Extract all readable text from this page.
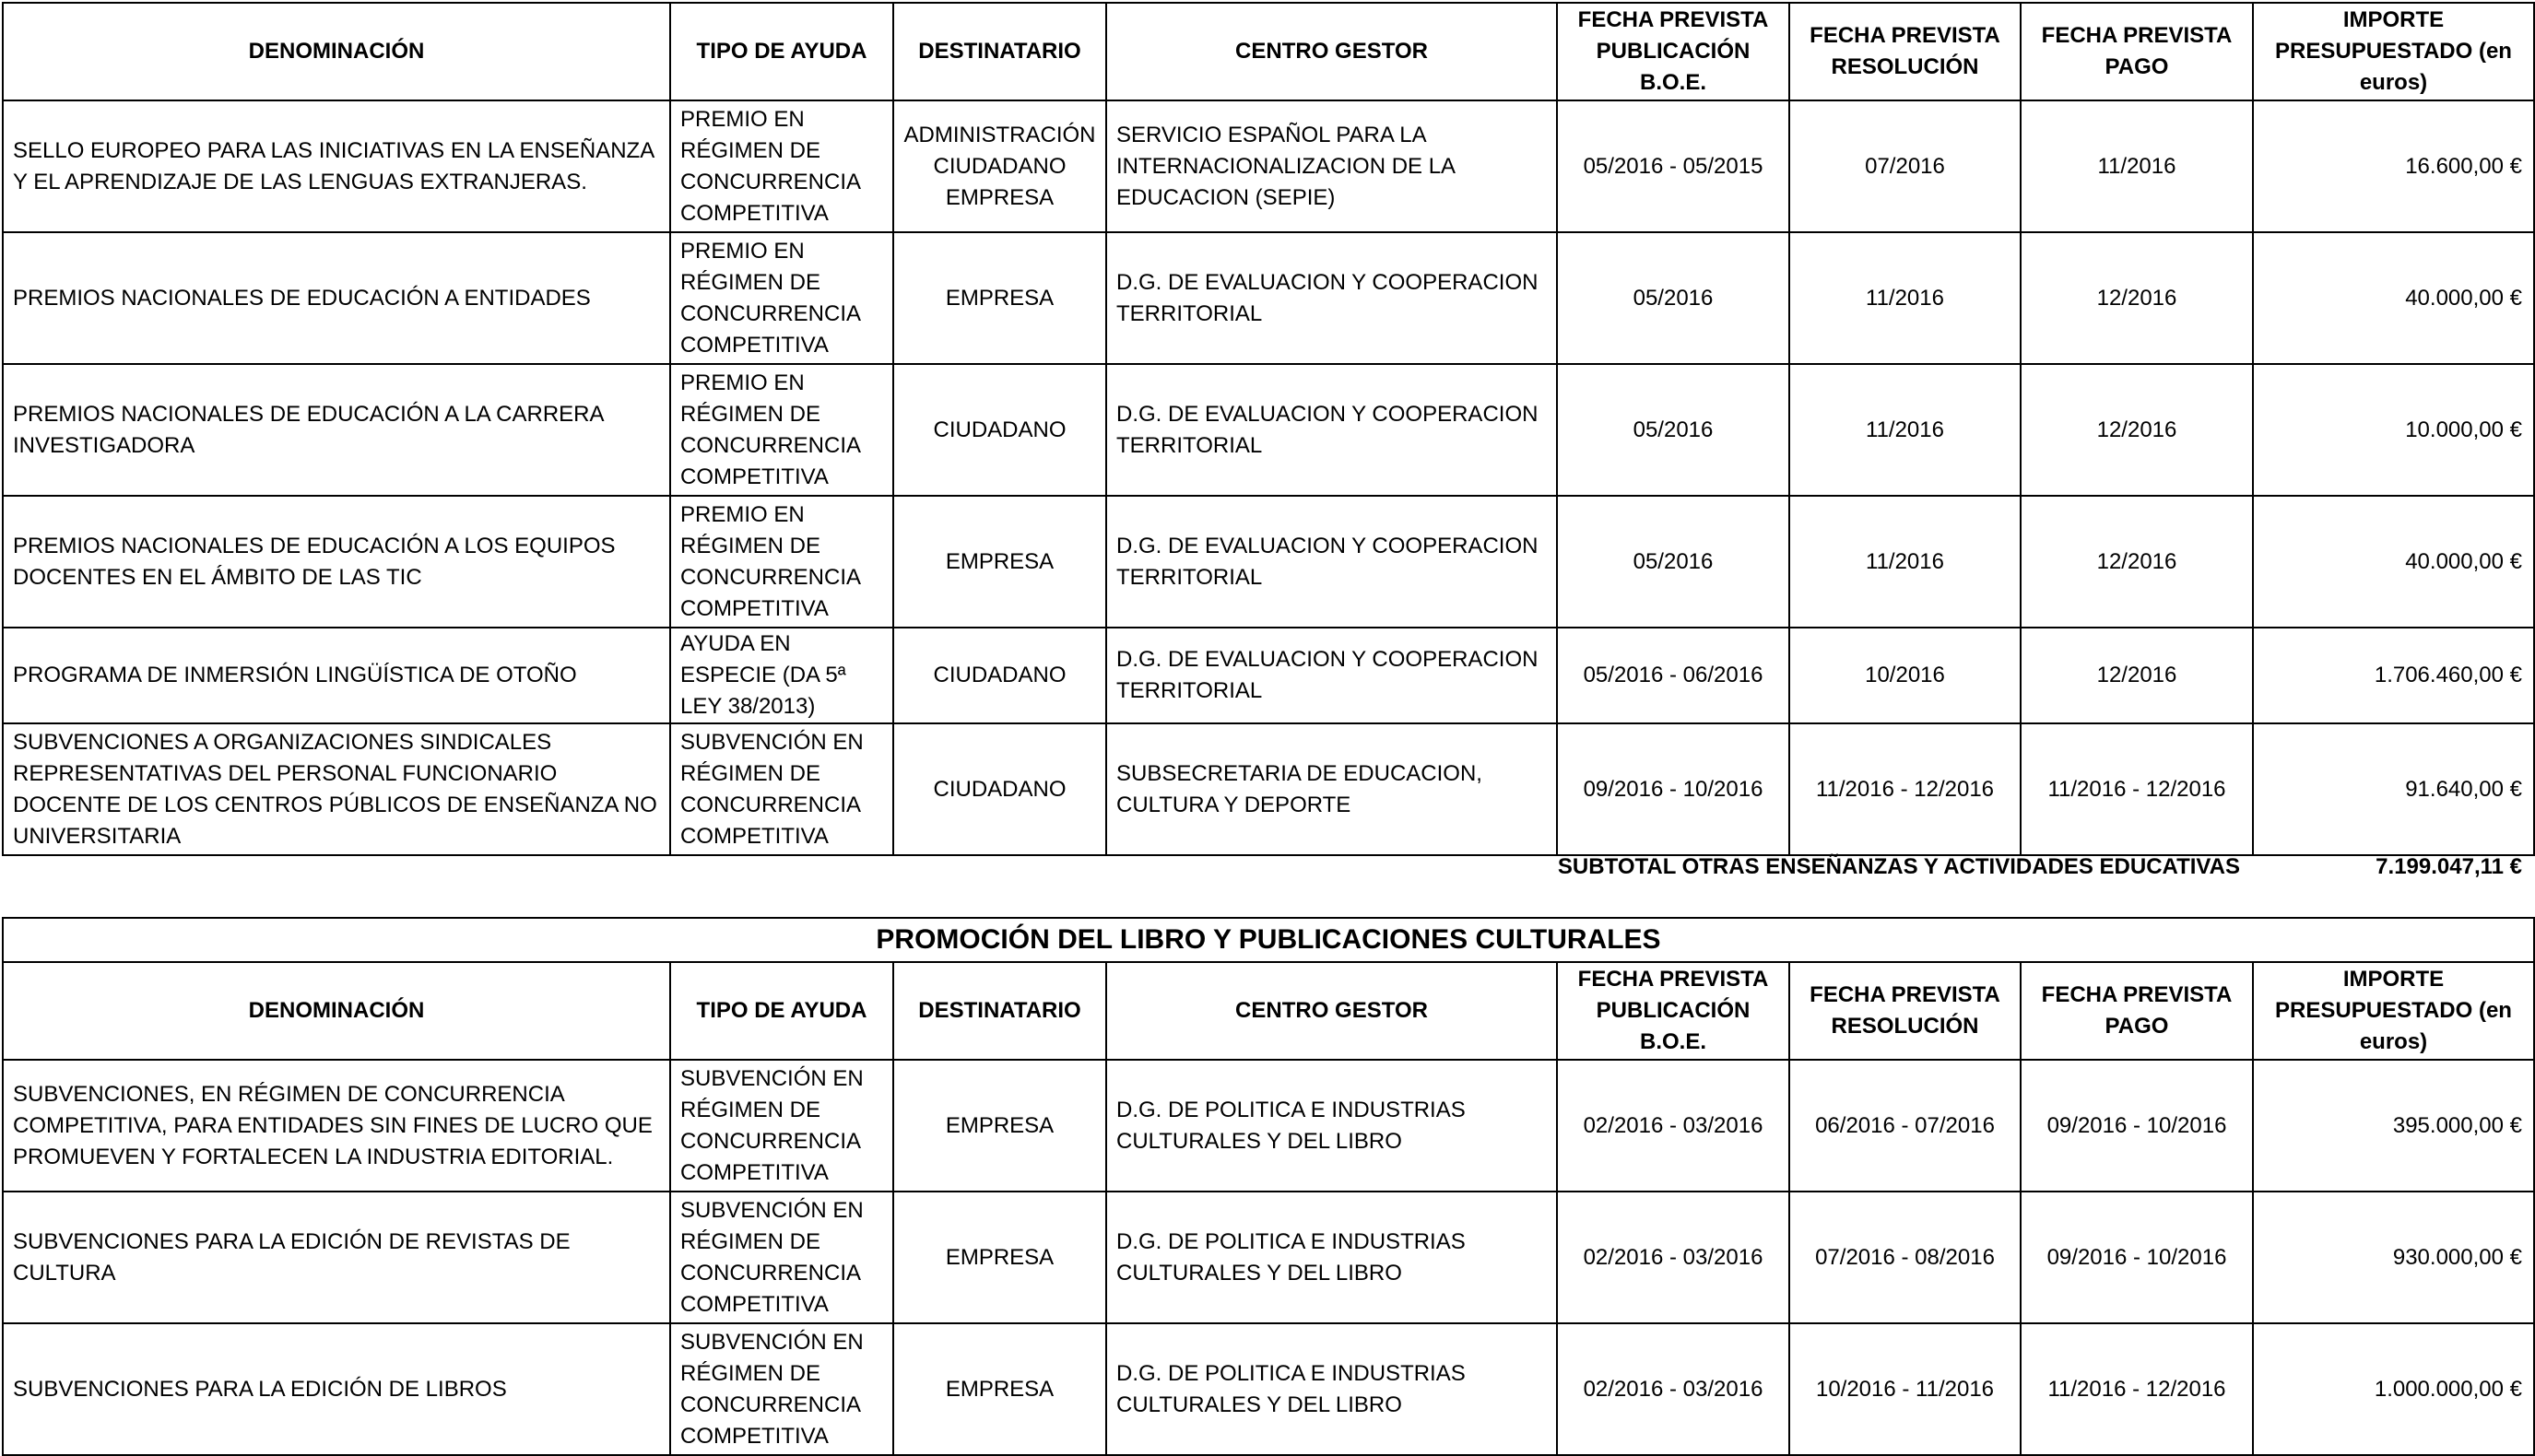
DENOMINACIÓN	TIPO DE AYUDA	DESTINATARIO	CENTRO GESTOR	FECHA PREVISTA PUBLICACIÓN B.O.E.	FECHA PREVISTA RESOLUCIÓN	FECHA PREVISTA PAGO	IMPORTE PRESUPUESTADO (en euros)
SELLO EUROPEO PARA LAS INICIATIVAS EN LA ENSEÑANZA Y EL APRENDIZAJE DE LAS LENGUAS EXTRANJERAS.	PREMIO EN RÉGIMEN DE CONCURRENCIA COMPETITIVA	ADMINISTRACIÓN CIUDADANO EMPRESA	SERVICIO ESPAÑOL PARA LA INTERNACIONALIZACION DE LA EDUCACION (SEPIE)	05/2016 - 05/2015	07/2016	11/2016	16.600,00 €
PREMIOS NACIONALES DE EDUCACIÓN A ENTIDADES	PREMIO EN RÉGIMEN DE CONCURRENCIA COMPETITIVA	EMPRESA	D.G. DE EVALUACION Y COOPERACION TERRITORIAL	05/2016	11/2016	12/2016	40.000,00 €
PREMIOS NACIONALES DE EDUCACIÓN A LA CARRERA INVESTIGADORA	PREMIO EN RÉGIMEN DE CONCURRENCIA COMPETITIVA	CIUDADANO	D.G. DE EVALUACION Y COOPERACION TERRITORIAL	05/2016	11/2016	12/2016	10.000,00 €
PREMIOS NACIONALES DE EDUCACIÓN A LOS EQUIPOS DOCENTES EN EL ÁMBITO DE LAS TIC	PREMIO EN RÉGIMEN DE CONCURRENCIA COMPETITIVA	EMPRESA	D.G. DE EVALUACION Y COOPERACION TERRITORIAL	05/2016	11/2016	12/2016	40.000,00 €
PROGRAMA DE INMERSIÓN LINGÜÍSTICA DE OTOÑO	AYUDA EN ESPECIE (DA 5ª LEY 38/2013)	CIUDADANO	D.G. DE EVALUACION Y COOPERACION TERRITORIAL	05/2016 - 06/2016	10/2016	12/2016	1.706.460,00 €
SUBVENCIONES A ORGANIZACIONES SINDICALES REPRESENTATIVAS DEL PERSONAL FUNCIONARIO DOCENTE DE LOS CENTROS PÚBLICOS DE ENSEÑANZA NO UNIVERSITARIA	SUBVENCIÓN EN RÉGIMEN DE CONCURRENCIA COMPETITIVA	CIUDADANO	SUBSECRETARIA DE EDUCACION, CULTURA Y DEPORTE	09/2016 - 10/2016	11/2016 - 12/2016	11/2016 - 12/2016	91.640,00 €
SUBTOTAL OTRAS ENSEÑANZAS Y ACTIVIDADES EDUCATIVAS	7.199.047,11 €
PROMOCIÓN DEL LIBRO Y PUBLICACIONES CULTURALES							
DENOMINACIÓN	TIPO DE AYUDA	DESTINATARIO	CENTRO GESTOR	FECHA PREVISTA PUBLICACIÓN B.O.E.	FECHA PREVISTA RESOLUCIÓN	FECHA PREVISTA PAGO	IMPORTE PRESUPUESTADO (en euros)
SUBVENCIONES, EN RÉGIMEN DE CONCURRENCIA COMPETITIVA, PARA ENTIDADES SIN FINES DE LUCRO QUE PROMUEVEN Y FORTALECEN LA INDUSTRIA EDITORIAL.	SUBVENCIÓN EN RÉGIMEN DE CONCURRENCIA COMPETITIVA	EMPRESA	D.G. DE POLITICA E INDUSTRIAS CULTURALES Y DEL LIBRO	02/2016 - 03/2016	06/2016 - 07/2016	09/2016 - 10/2016	395.000,00 €
SUBVENCIONES PARA LA EDICIÓN DE REVISTAS DE CULTURA	SUBVENCIÓN EN RÉGIMEN DE CONCURRENCIA COMPETITIVA	EMPRESA	D.G. DE POLITICA E INDUSTRIAS CULTURALES Y DEL LIBRO	02/2016 - 03/2016	07/2016 - 08/2016	09/2016 - 10/2016	930.000,00 €
SUBVENCIONES PARA LA EDICIÓN DE LIBROS	SUBVENCIÓN EN RÉGIMEN DE CONCURRENCIA COMPETITIVA	EMPRESA	D.G. DE POLITICA E INDUSTRIAS CULTURALES Y DEL LIBRO	02/2016 - 03/2016	10/2016 - 11/2016	11/2016 - 12/2016	1.000.000,00 €
